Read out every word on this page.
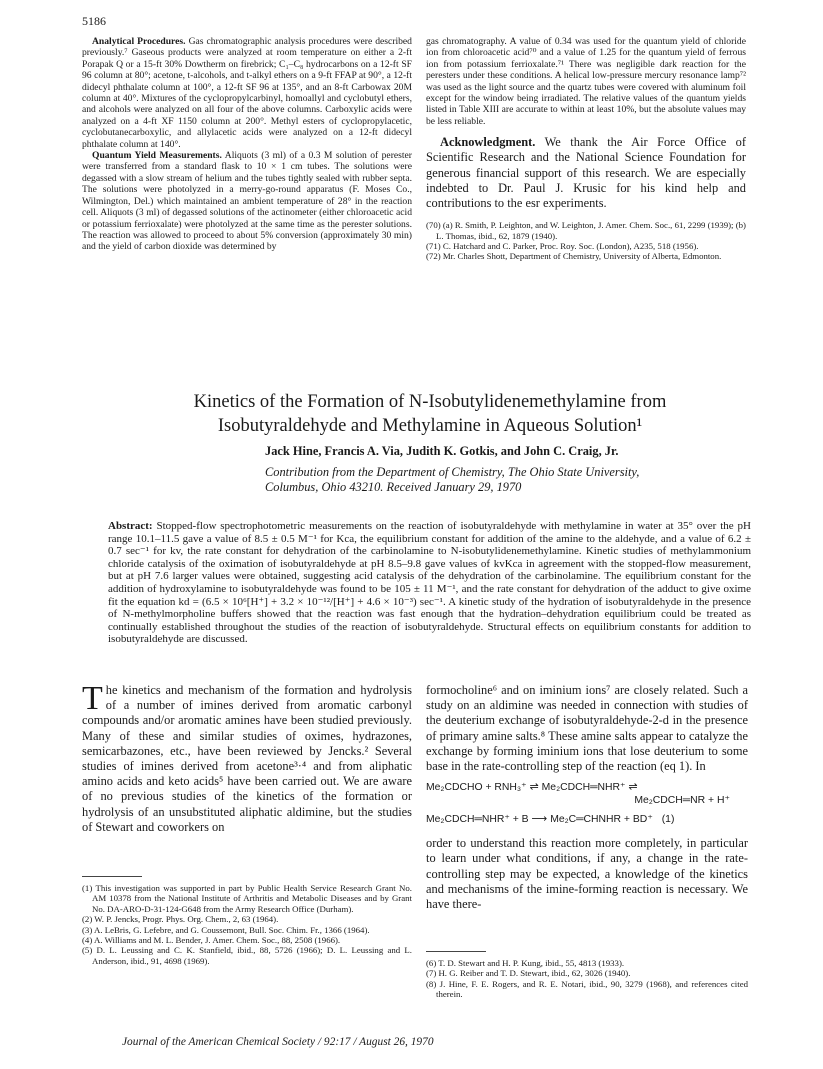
5186

Analytical Procedures. Gas chromatographic analysis procedures were described previously.⁷ Gaseous products were analyzed at room temperature on either a 2-ft Porapak Q or a 15-ft 30% Dowtherm on firebrick; C₁–C₈ hydrocarbons on a 12-ft SF 96 column at 80°; acetone, t-alcohols, and t-alkyl ethers on a 9-ft FFAP at 90°, a 12-ft didecyl phthalate column at 100°, a 12-ft SF 96 at 135°, and an 8-ft Carbowax 20M column at 40°. Mixtures of the cyclopropylcarbinyl, homoallyl and cyclobutyl ethers, and alcohols were analyzed on all four of the above columns. Carboxylic acids were analyzed on a 4-ft XF 1150 column at 200°. Methyl esters of cyclopropylacetic, cyclobutanecarboxylic, and allylacetic acids were analyzed on a 12-ft didecyl phthalate column at 140°.

Quantum Yield Measurements. Aliquots (3 ml) of a 0.3 M solution of perester were transferred from a standard flask to 10 × 1 cm tubes. The solutions were degassed with a slow stream of helium and the tubes tightly sealed with rubber septa. The solutions were photolyzed in a merry-go-round apparatus (F. Moses Co., Wilmington, Del.) which maintained an ambient temperature of 28° in the reaction cell. Aliquots (3 ml) of degassed solutions of the actinometer (either chloroacetic acid or potassium ferrioxalate) were photolyzed at the same time as the perester solutions. The reaction was allowed to proceed to about 5% conversion (approximately 30 min) and the yield of carbon dioxide was determined by

gas chromatography. A value of 0.34 was used for the quantum yield of chloride ion from chloroacetic acid⁷⁰ and a value of 1.25 for the quantum yield of ferrous ion from potassium ferrioxalate.⁷¹ There was negligible dark reaction for the peresters under these conditions. A helical low-pressure mercury resonance lamp⁷² was used as the light source and the quartz tubes were covered with aluminum foil except for the window being irradiated. The relative values of the quantum yields listed in Table XIII are accurate to within at least 10%, but the absolute values may be less reliable.

Acknowledgment. We thank the Air Force Office of Scientific Research and the National Science Foundation for generous financial support of this research. We are especially indebted to Dr. Paul J. Krusic for his kind help and contributions to the esr experiments.

(70) (a) R. Smith, P. Leighton, and W. Leighton, J. Amer. Chem. Soc., 61, 2299 (1939); (b) L. Thomas, ibid., 62, 1879 (1940).

(71) C. Hatchard and C. Parker, Proc. Roy. Soc. (London), A235, 518 (1956).

(72) Mr. Charles Shott, Department of Chemistry, University of Alberta, Edmonton.

Kinetics of the Formation of N-Isobutylidenemethylamine from Isobutyraldehyde and Methylamine in Aqueous Solution¹
Jack Hine, Francis A. Via, Judith K. Gotkis, and John C. Craig, Jr.
Contribution from the Department of Chemistry, The Ohio State University,
Columbus, Ohio 43210. Received January 29, 1970
Abstract: Stopped-flow spectrophotometric measurements on the reaction of isobutyraldehyde with methylamine in water at 35° over the pH range 10.1–11.5 gave a value of 8.5 ± 0.5 M⁻¹ for Kca, the equilibrium constant for addition of the amine to the aldehyde, and a value of 6.2 ± 0.7 sec⁻¹ for kv, the rate constant for dehydration of the carbinolamine to N-isobutylidenemethylamine. Kinetic studies of methylammonium chloride catalysis of the oximation of isobutyraldehyde at pH 8.5–9.8 gave values of kvKca in agreement with the stopped-flow measurement, but at pH 7.6 larger values were obtained, suggesting acid catalysis of the dehydration of the carbinolamine. The equilibrium constant for the addition of hydroxylamine to isobutyraldehyde was found to be 105 ± 11 M⁻¹, and the rate constant for dehydration of the adduct to give oxime fit the equation kd = (6.5 × 10⁶[H⁺] + 3.2 × 10⁻¹²/[H⁺] + 4.6 × 10⁻³) sec⁻¹. A kinetic study of the hydration of isobutyraldehyde in the presence of N-methylmorpholine buffers showed that the reaction was fast enough that the hydration–dehydration equilibrium could be treated as continually established throughout the studies of the reaction of isobutyraldehyde. Structural effects on equilibrium constants for addition to isobutyraldehyde are discussed.

The kinetics and mechanism of the formation and hydrolysis of a number of imines derived from aromatic carbonyl compounds and/or aromatic amines have been studied previously. Many of these and similar studies of oximes, hydrazones, semicarbazones, etc., have been reviewed by Jencks.² Several studies of imines derived from acetone³·⁴ and from aliphatic amino acids and keto acids⁵ have been carried out. We are aware of no previous studies of the kinetics of the formation or hydrolysis of an unsubstituted aliphatic aldimine, but the studies of Stewart and coworkers on

(1) This investigation was supported in part by Public Health Service Research Grant No. AM 10378 from the National Institute of Arthritis and Metabolic Diseases and by Grant No. DA-ARO-D-31-124-G648 from the Army Research Office (Durham).

(2) W. P. Jencks, Progr. Phys. Org. Chem., 2, 63 (1964).

(3) A. LeBris, G. Lefebre, and G. Coussemont, Bull. Soc. Chim. Fr., 1366 (1964).

(4) A. Williams and M. L. Bender, J. Amer. Chem. Soc., 88, 2508 (1966).

(5) D. L. Leussing and C. K. Stanfield, ibid., 88, 5726 (1966); D. L. Leussing and L. Anderson, ibid., 91, 4698 (1969).

formocholine⁶ and on iminium ions⁷ are closely related. Such a study on an aldimine was needed in connection with studies of the deuterium exchange of isobutyraldehyde-2-d in the presence of primary amine salts.⁸ These amine salts appear to catalyze the exchange by forming iminium ions that lose deuterium to some base in the rate-controlling step of the reaction (eq 1). In

Me₂CDCHO + RNH₃⁺ ⇌ Me₂CDCH═NHR⁺ ⇌
Me₂CDCH═NR + H⁺
Me₂CDCH═NHR⁺ + B ⟶ Me₂C═CHNHR + BD⁺ (1)

order to understand this reaction more completely, in particular to learn under what conditions, if any, a change in the rate-controlling step may be expected, a knowledge of the kinetics and mechanisms of the imine-forming reaction is necessary. We have there-

(6) T. D. Stewart and H. P. Kung, ibid., 55, 4813 (1933).

(7) H. G. Reiber and T. D. Stewart, ibid., 62, 3026 (1940).

(8) J. Hine, F. E. Rogers, and R. E. Notari, ibid., 90, 3279 (1968), and references cited therein.

Journal of the American Chemical Society / 92:17 / August 26, 1970
